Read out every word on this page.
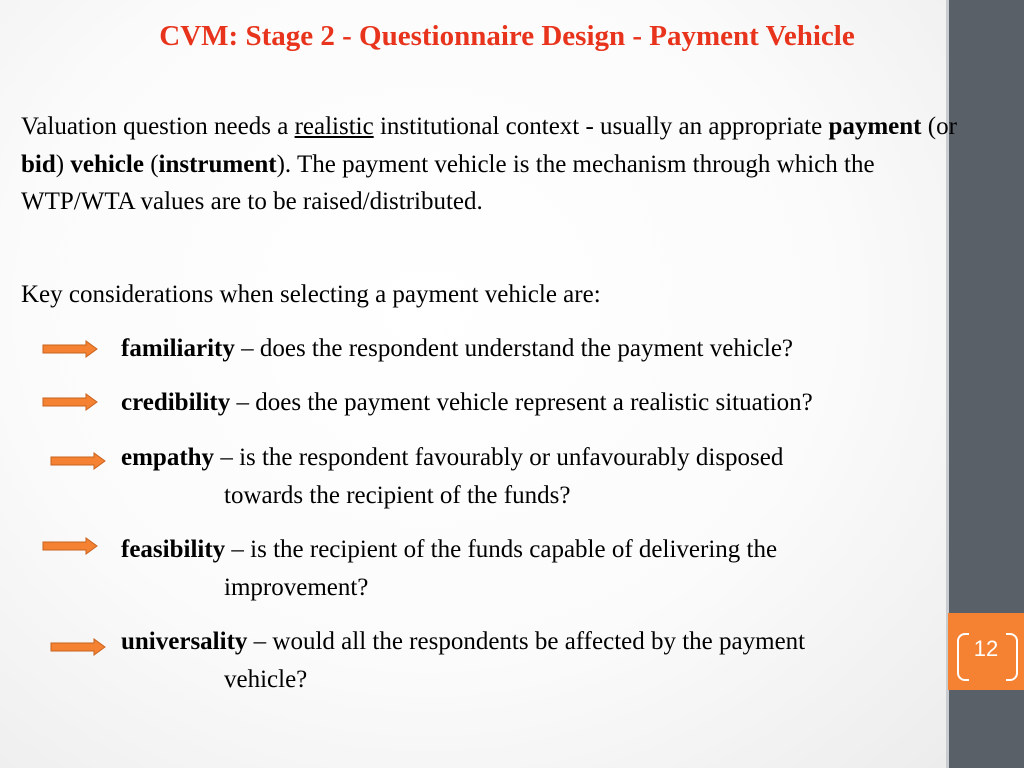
12
CVM: Stage 2 - Questionnaire Design - Payment Vehicle
Valuation question needs a realistic institutional context - usually an appropriate payment (or bid) vehicle (instrument). The payment vehicle is the mechanism through which the WTP/WTA values are to be raised/distributed.
Key considerations when selecting a payment vehicle are:
familiarity – does the respondent understand the payment vehicle?
credibility – does the payment vehicle represent a realistic situation?
empathy – is the respondent favourably or unfavourably disposed
towards the recipient of the funds?
feasibility – is the recipient of the funds capable of delivering the
improvement?
universality – would all the respondents be affected by the payment
vehicle?
